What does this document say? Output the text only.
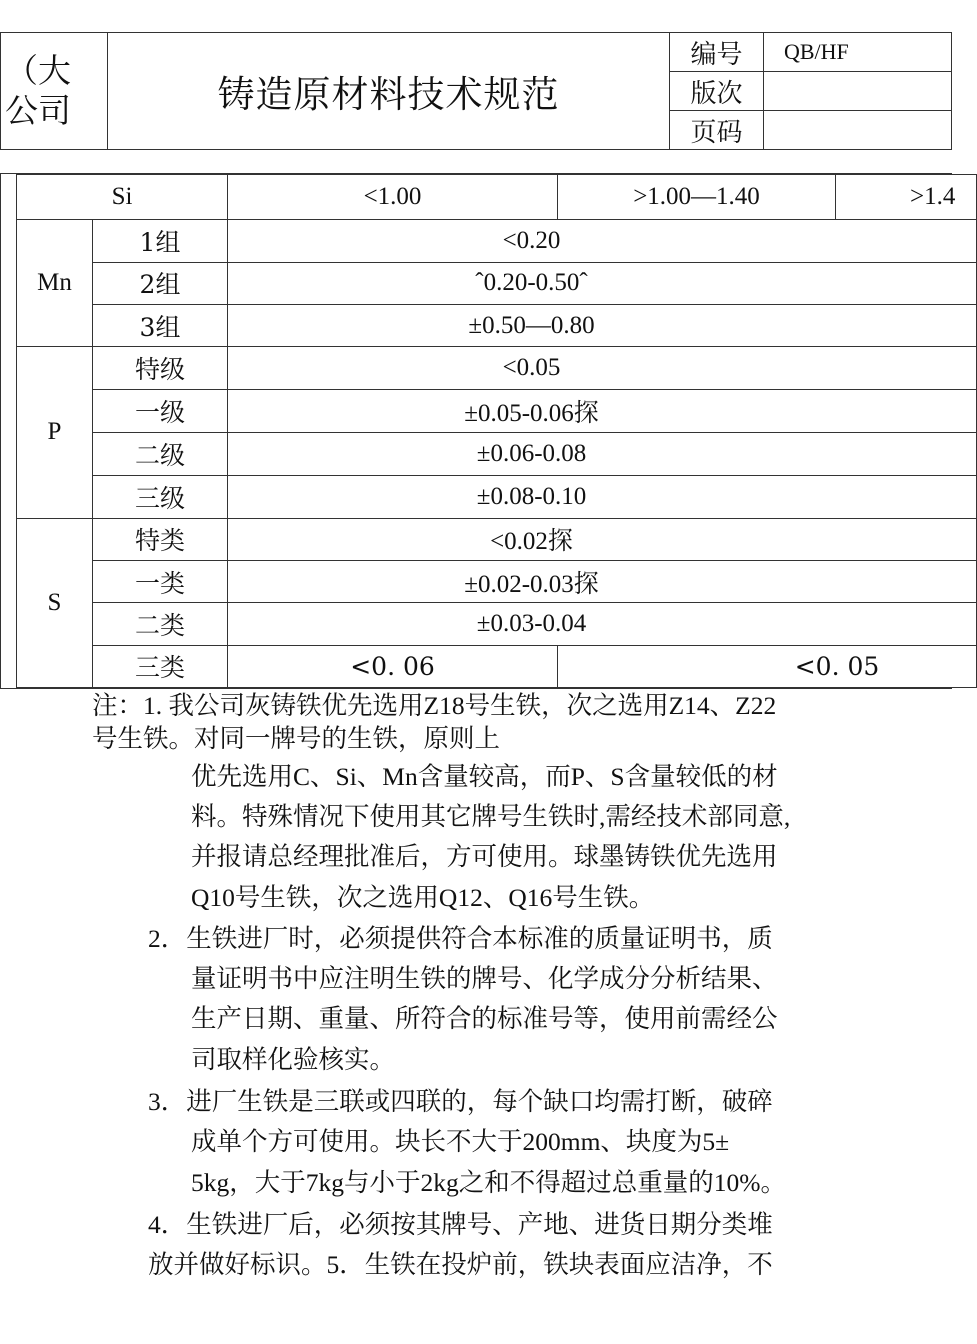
（大
公司	铸造原材料技术规范	编号	QB/HF
		版次	
		页码	
Si		<1.00	>1.00—1.40	>1.4
Mn	1组	<0.20		
	2组	ˆ0.20-0.50ˆ		
	3组	±0.50—0.80		
P	特级	<0.05		
	一级	±0.05-0.06探		
	二级	±0.06-0.08		
	三级	±0.08-0.10		
S	特类	<0.02探		
	一类	±0.02-0.03探		
	二类	±0.03-0.04		
	三类	<0. 06	<0. 05	
注：1. 我公司灰铸铁优先选用Z18号生铁，次之选用Z14、Z22
号生铁。对同一牌号的生铁，原则上
优先选用C、Si、Mn含量较高，而P、S含量较低的材
料。特殊情况下使用其它牌号生铁时,需经技术部同意,
并报请总经理批准后，方可使用。球墨铸铁优先选用
Q10号生铁，次之选用Q12、Q16号生铁。
2．生铁进厂时，必须提供符合本标准的质量证明书，质
量证明书中应注明生铁的牌号、化学成分分析结果、
生产日期、重量、所符合的标准号等，使用前需经公
司取样化验核实。
3．进厂生铁是三联或四联的，每个缺口均需打断，破碎
成单个方可使用。块长不大于200mm、块度为5±
5kg，大于7kg与小于2kg之和不得超过总重量的10%。
4．生铁进厂后，必须按其牌号、产地、进货日期分类堆
放并做好标识。5．生铁在投炉前，铁块表面应洁净，不
